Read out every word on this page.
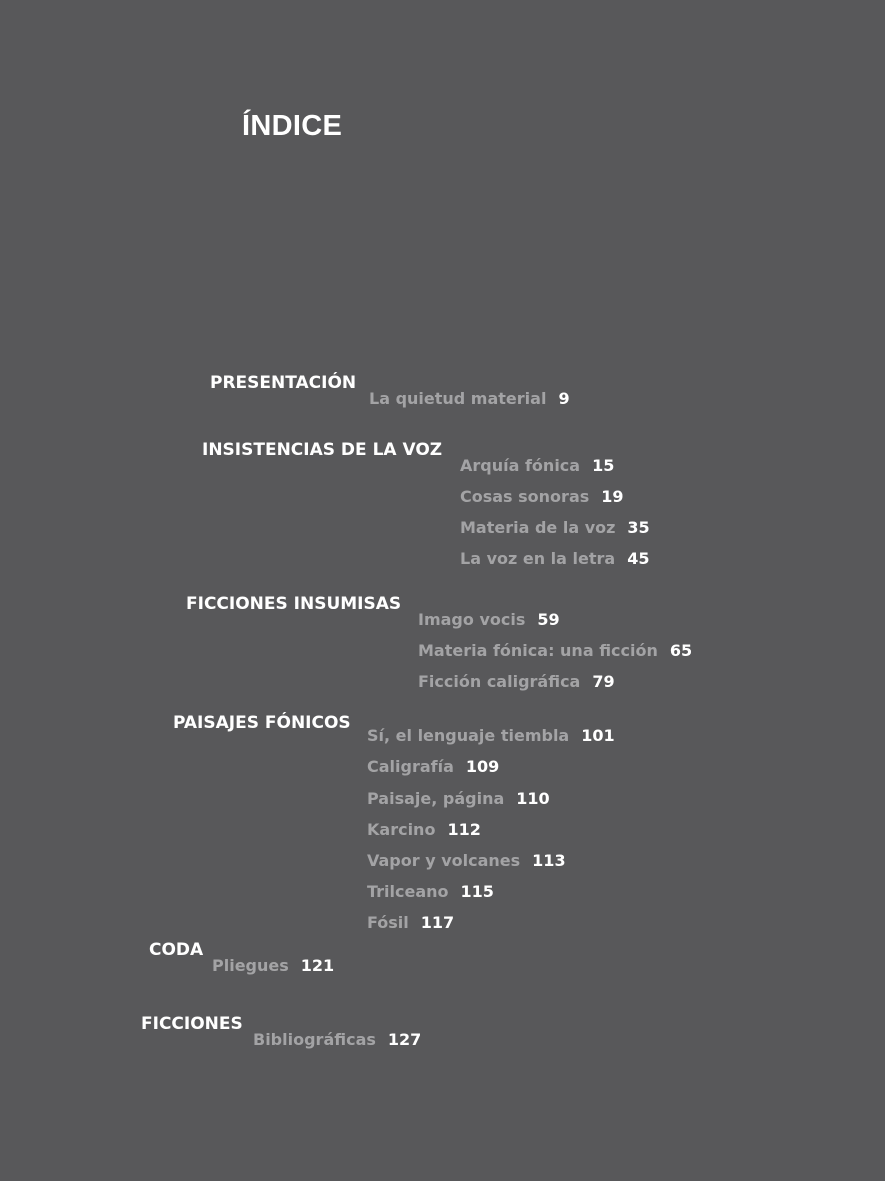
ÍNDICE
PRESENTACIÓN
La quietud material 9
INSISTENCIAS DE LA VOZ
Arquía fónica 15
Cosas sonoras 19
Materia de la voz 35
La voz en la letra 45
FICCIONES INSUMISAS
Imago vocis 59
Materia fónica: una ficción 65
Ficción caligráfica 79
PAISAJES FÓNICOS
Sí, el lenguaje tiembla 101
Caligrafía 109
Paisaje, página 110
Karcino 112
Vapor y volcanes 113
Trilceano 115
Fósil 117
CODA
Pliegues 121
FICCIONES
Bibliográficas 127
